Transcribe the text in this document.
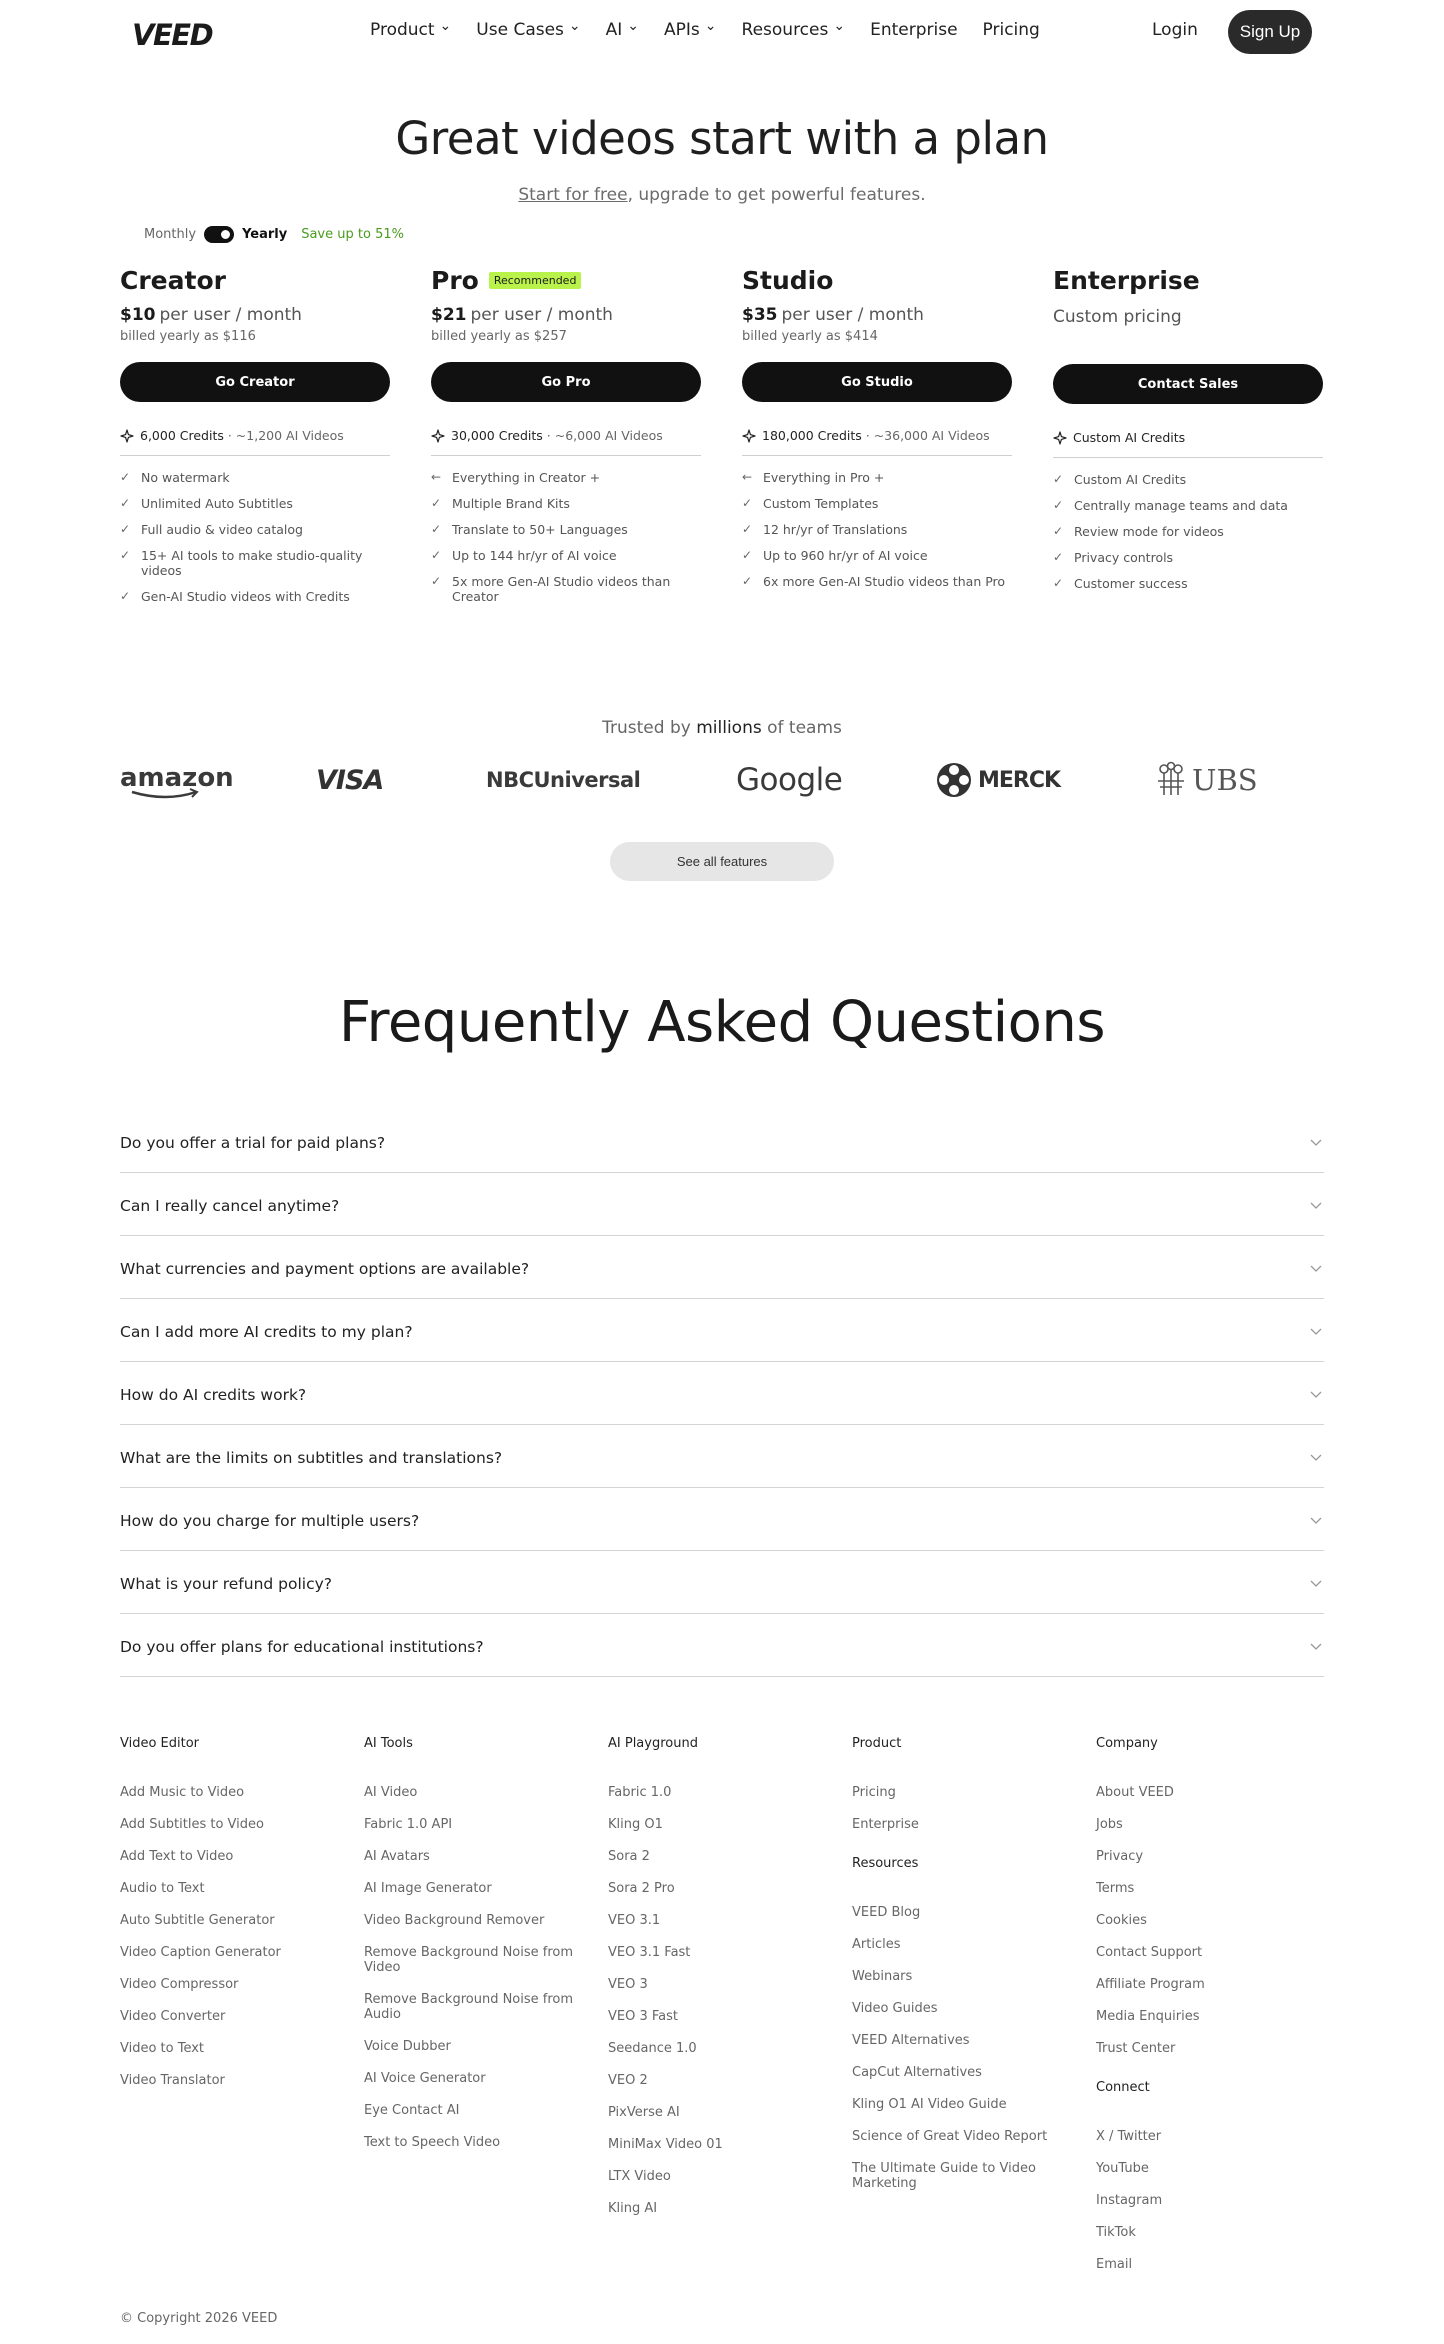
VEED	Product ⌄ Use Cases ⌄ AI ⌄ APIs ⌄ Resources ⌄ Enterprise Pricing	Login	Sign Up
Great videos start with a plan

Start for free, upgrade to get powerful features.

Monthly	Yearly Save up to 51%
Creator
$10 per user / month
billed yearly as $116
Go Creator
6,000 Credits · ~1,200 AI Videos
✓ No watermark
✓ Unlimited Auto Subtitles
✓ Full audio & video catalog
✓ 15+ AI tools to make studio-quality videos
✓ Gen-AI Studio videos with Credits
Pro	Recommended
$21 per user / month
billed yearly as $257
Go Pro
30,000 Credits · ~6,000 AI Videos
← Everything in Creator +
✓ Multiple Brand Kits
✓ Translate to 50+ Languages
✓ Up to 144 hr/yr of AI voice
✓ 5x more Gen-AI Studio videos than Creator
Studio
$35 per user / month
billed yearly as $414
Go Studio
180,000 Credits · ~36,000 AI Videos
← Everything in Pro +
✓ Custom Templates
✓ 12 hr/yr of Translations
✓ Up to 960 hr/yr of AI voice
✓ 6x more Gen-AI Studio videos than Pro
Enterprise
Custom pricing
Contact Sales
Custom AI Credits
✓ Custom AI Credits
✓ Centrally manage teams and data
✓ Review mode for videos
✓ Privacy controls
✓ Customer success

Trusted by millions of teams

amazon	VISA	NBCUniversal	Google	MERCK	UBS
See all features
Frequently Asked Questions
Do you offer a trial for paid plans?
Can I really cancel anytime?
What currencies and payment options are available?
Can I add more AI credits to my plan?
How do AI credits work?
What are the limits on subtitles and translations?
How do you charge for multiple users?
What is your refund policy?
Do you offer plans for educational institutions?
Video Editor
Add Music to Video
Add Subtitles to Video
Add Text to Video
Audio to Text
Auto Subtitle Generator
Video Caption Generator
Video Compressor
Video Converter
Video to Text
Video Translator
AI Tools
AI Video
Fabric 1.0 API
AI Avatars
AI Image Generator
Video Background Remover
Remove Background Noise from Video
Remove Background Noise from Audio
Voice Dubber
AI Voice Generator
Eye Contact AI
Text to Speech Video
AI Playground
Fabric 1.0
Kling O1
Sora 2
Sora 2 Pro
VEO 3.1
VEO 3.1 Fast
VEO 3
VEO 3 Fast
Seedance 1.0
VEO 2
PixVerse AI
MiniMax Video 01
LTX Video
Kling AI
Product
Pricing
Enterprise
Resources
VEED Blog
Articles
Webinars
Video Guides
VEED Alternatives
CapCut Alternatives
Kling O1 AI Video Guide
Science of Great Video Report
The Ultimate Guide to Video Marketing
Company
About VEED
Jobs
Privacy
Terms
Cookies
Contact Support
Affiliate Program
Media Enquiries
Trust Center
Connect
X / Twitter
YouTube
Instagram
TikTok
Email

© Copyright 2026 VEED
